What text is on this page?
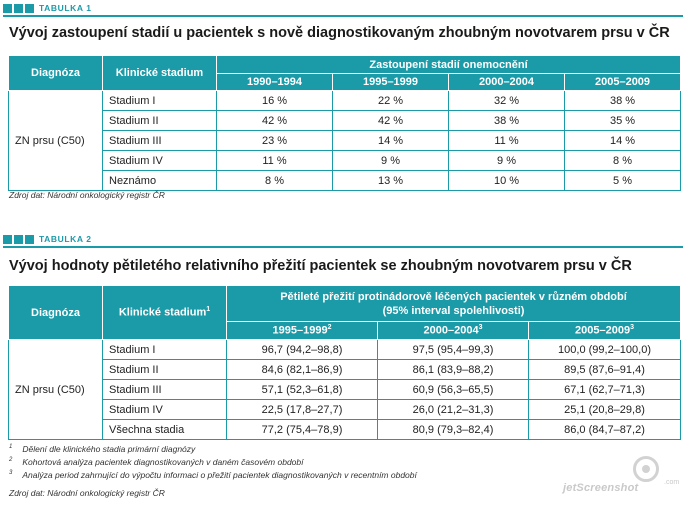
TABULKA 1
Vývoj zastoupení stadií u pacientek s nově diagnostikovaným zhoubným novotvarem prsu v ČR
Diagnóza	Klinické stadium	Zastoupení stadií onemocnění			
		1990–1994	1995–1999	2000–2004	2005–2009
ZN prsu (C50)	Stadium I	16 %	22 %	32 %	38 %
	Stadium II	42 %	42 %	38 %	35 %
	Stadium III	23 %	14 %	11 %	14 %
	Stadium IV	11 %	9 %	9 %	8 %
	Neznámo	8 %	13 %	10 %	5 %
Zdroj dat: Národní onkologický registr ČR
TABULKA 2
Vývoj hodnoty pětiletého relativního přežití pacientek se zhoubným novotvarem prsu v ČR
Diagnóza	Klinické stadium$^1$	Pětileté přežití protinádorově léčených pacientek v různém období
(95% interval spolehlivosti)		

		1995–1999$^2$	2000–2004$^3$	2005–2009$^3$
ZN prsu (C50)	Stadium I	96,7 (94,2–98,8)	97,5 (95,4–99,3)	100,0 (99,2–100,0)
	Stadium II	84,6 (82,1–86,9)	86,1 (83,9–88,2)	89,5 (87,6–91,4)
	Stadium III	57,1 (52,3–61,8)	60,9 (56,3–65,5)	67,1 (62,7–71,3)
	Stadium IV	22,5 (17,8–27,7)	26,0 (21,2–31,3)	25,1 (20,8–29,8)
	Všechna stadia	77,2 (75,4–78,9)	80,9 (79,3–82,4)	86,0 (84,7–87,2)
$^1$ Dělení dle klinického stadia primární diagnózy
$^2$ Kohortová analýza pacientek diagnostikovaných v daném časovém období
$^3$ Analýza period zahrnující do výpočtu informaci o přežití pacientek diagnostikovaných v recentním období
Zdroj dat: Národní onkologický registr ČR	jetScreenshot	.com
